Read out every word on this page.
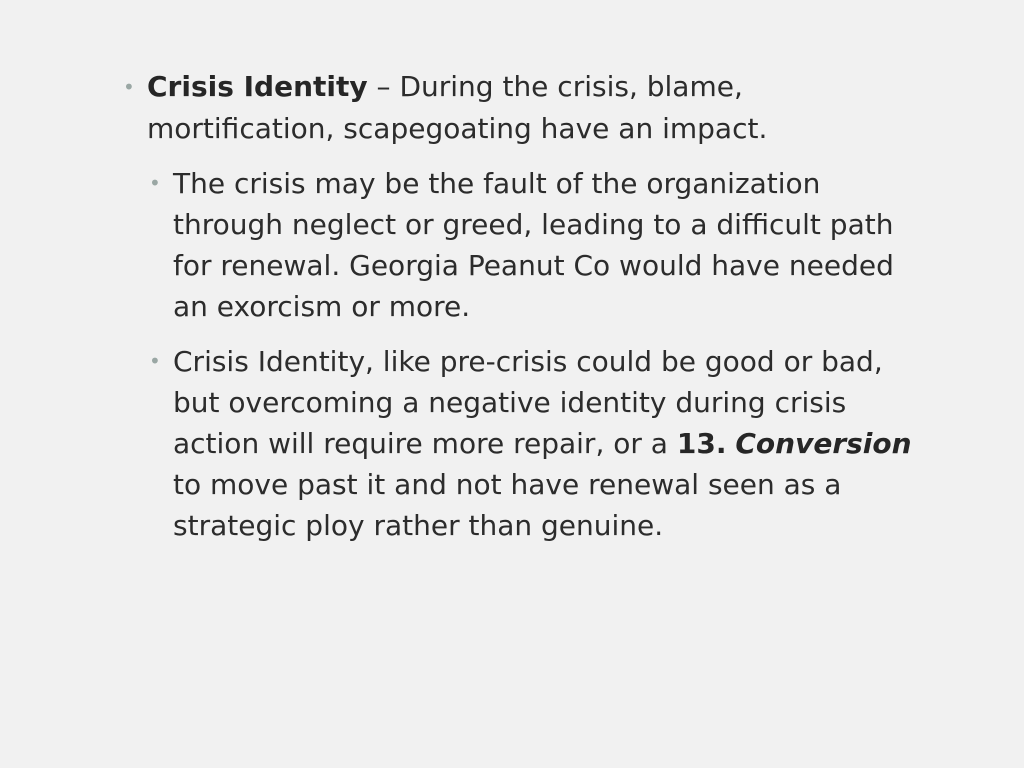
• Crisis Identity – During the crisis, blame, mortification, scapegoating have an impact.
• The crisis may be the fault of the organization through neglect or greed, leading to a difficult path for renewal. Georgia Peanut Co would have needed an exorcism or more.
• Crisis Identity, like pre-crisis could be good or bad, but overcoming a negative identity during crisis action will require more repair, or a 13. Conversion to move past it and not have renewal seen as a strategic ploy rather than genuine.
